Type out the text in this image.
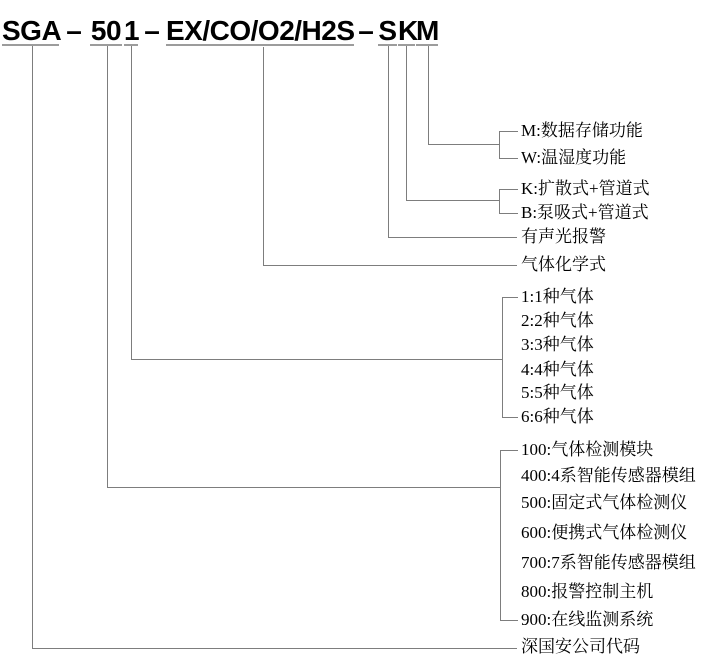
SGA – 50 1 – EX/CO/O2/H2S – S K
M
M:数据存储功能
W:温湿度功能
K:扩散式+管道式
B:泵吸式+管道式
有声光报警
气体化学式
1:1种气体
2:2种气体
3:3种气体
4:4种气体
5:5种气体
6:6种气体
100:气体检测模块
400:4系智能传感器模组
500:固定式气体检测仪
600:便携式气体检测仪
700:7系智能传感器模组
800:报警控制主机
900:在线监测系统
深国安公司代码
